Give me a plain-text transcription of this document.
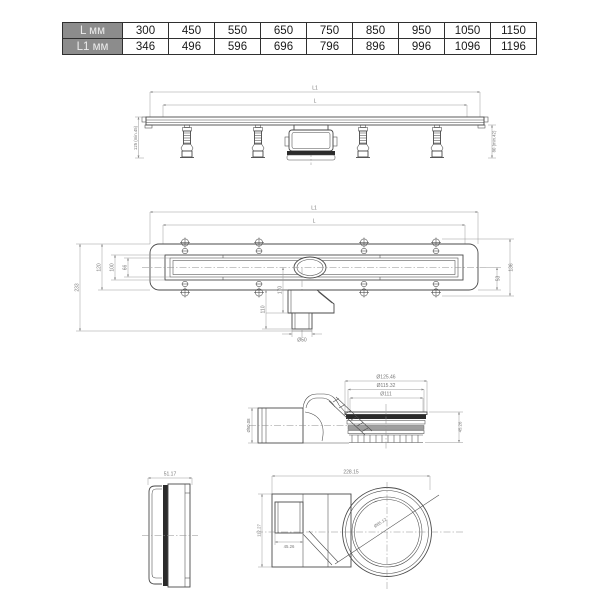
L мм	300	450	550	650	750	850	950	1050	1150
L1 мм	346	496	596	696	796	896	996	1096	1196
L1
L
125 (min.45)	80 (min.42)
L1
L
66
100
120
233
53
136
170
110
Ø50
Ø125.46
Ø115.32
Ø111
Ø50.08	45.26
51.17	228.15
112.27
Ø85.12
45.26
